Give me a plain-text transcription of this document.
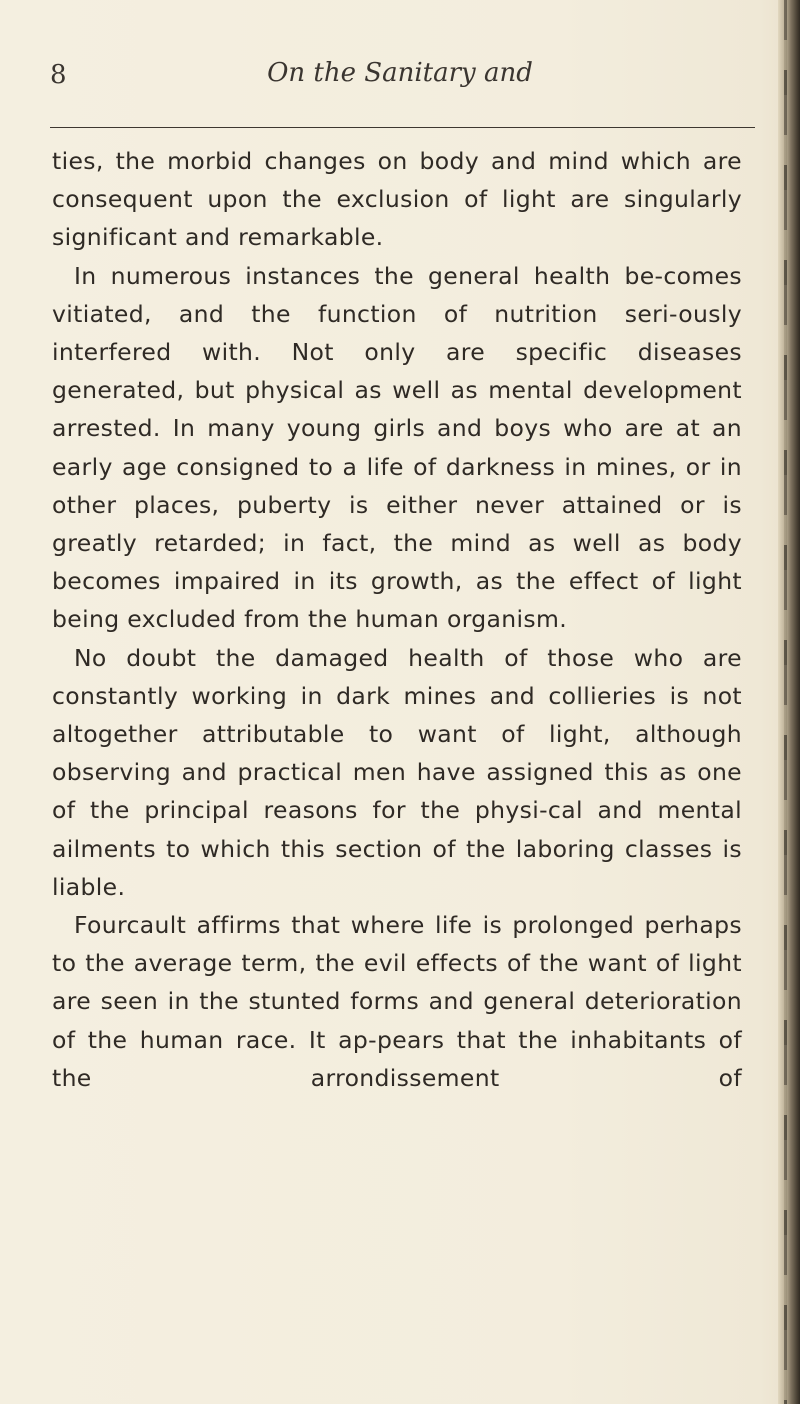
8	On the Sanitary and

ties, the morbid changes on body and mind which are consequent upon the exclusion of light are singularly significant and remarkable.

In numerous instances the general health be-comes vitiated, and the function of nutrition seri-ously interfered with. Not only are specific diseases generated, but physical as well as mental development arrested. In many young girls and boys who are at an early age consigned to a life of darkness in mines, or in other places, puberty is either never attained or is greatly retarded; in fact, the mind as well as body becomes impaired in its growth, as the effect of light being excluded from the human organism.

No doubt the damaged health of those who are constantly working in dark mines and collieries is not altogether attributable to want of light, although observing and practical men have assigned this as one of the principal reasons for the physi-cal and mental ailments to which this section of the laboring classes is liable.

Fourcault affirms that where life is prolonged perhaps to the average term, the evil effects of the want of light are seen in the stunted forms and general deterioration of the human race. It ap-pears that the inhabitants of the arrondissement of
